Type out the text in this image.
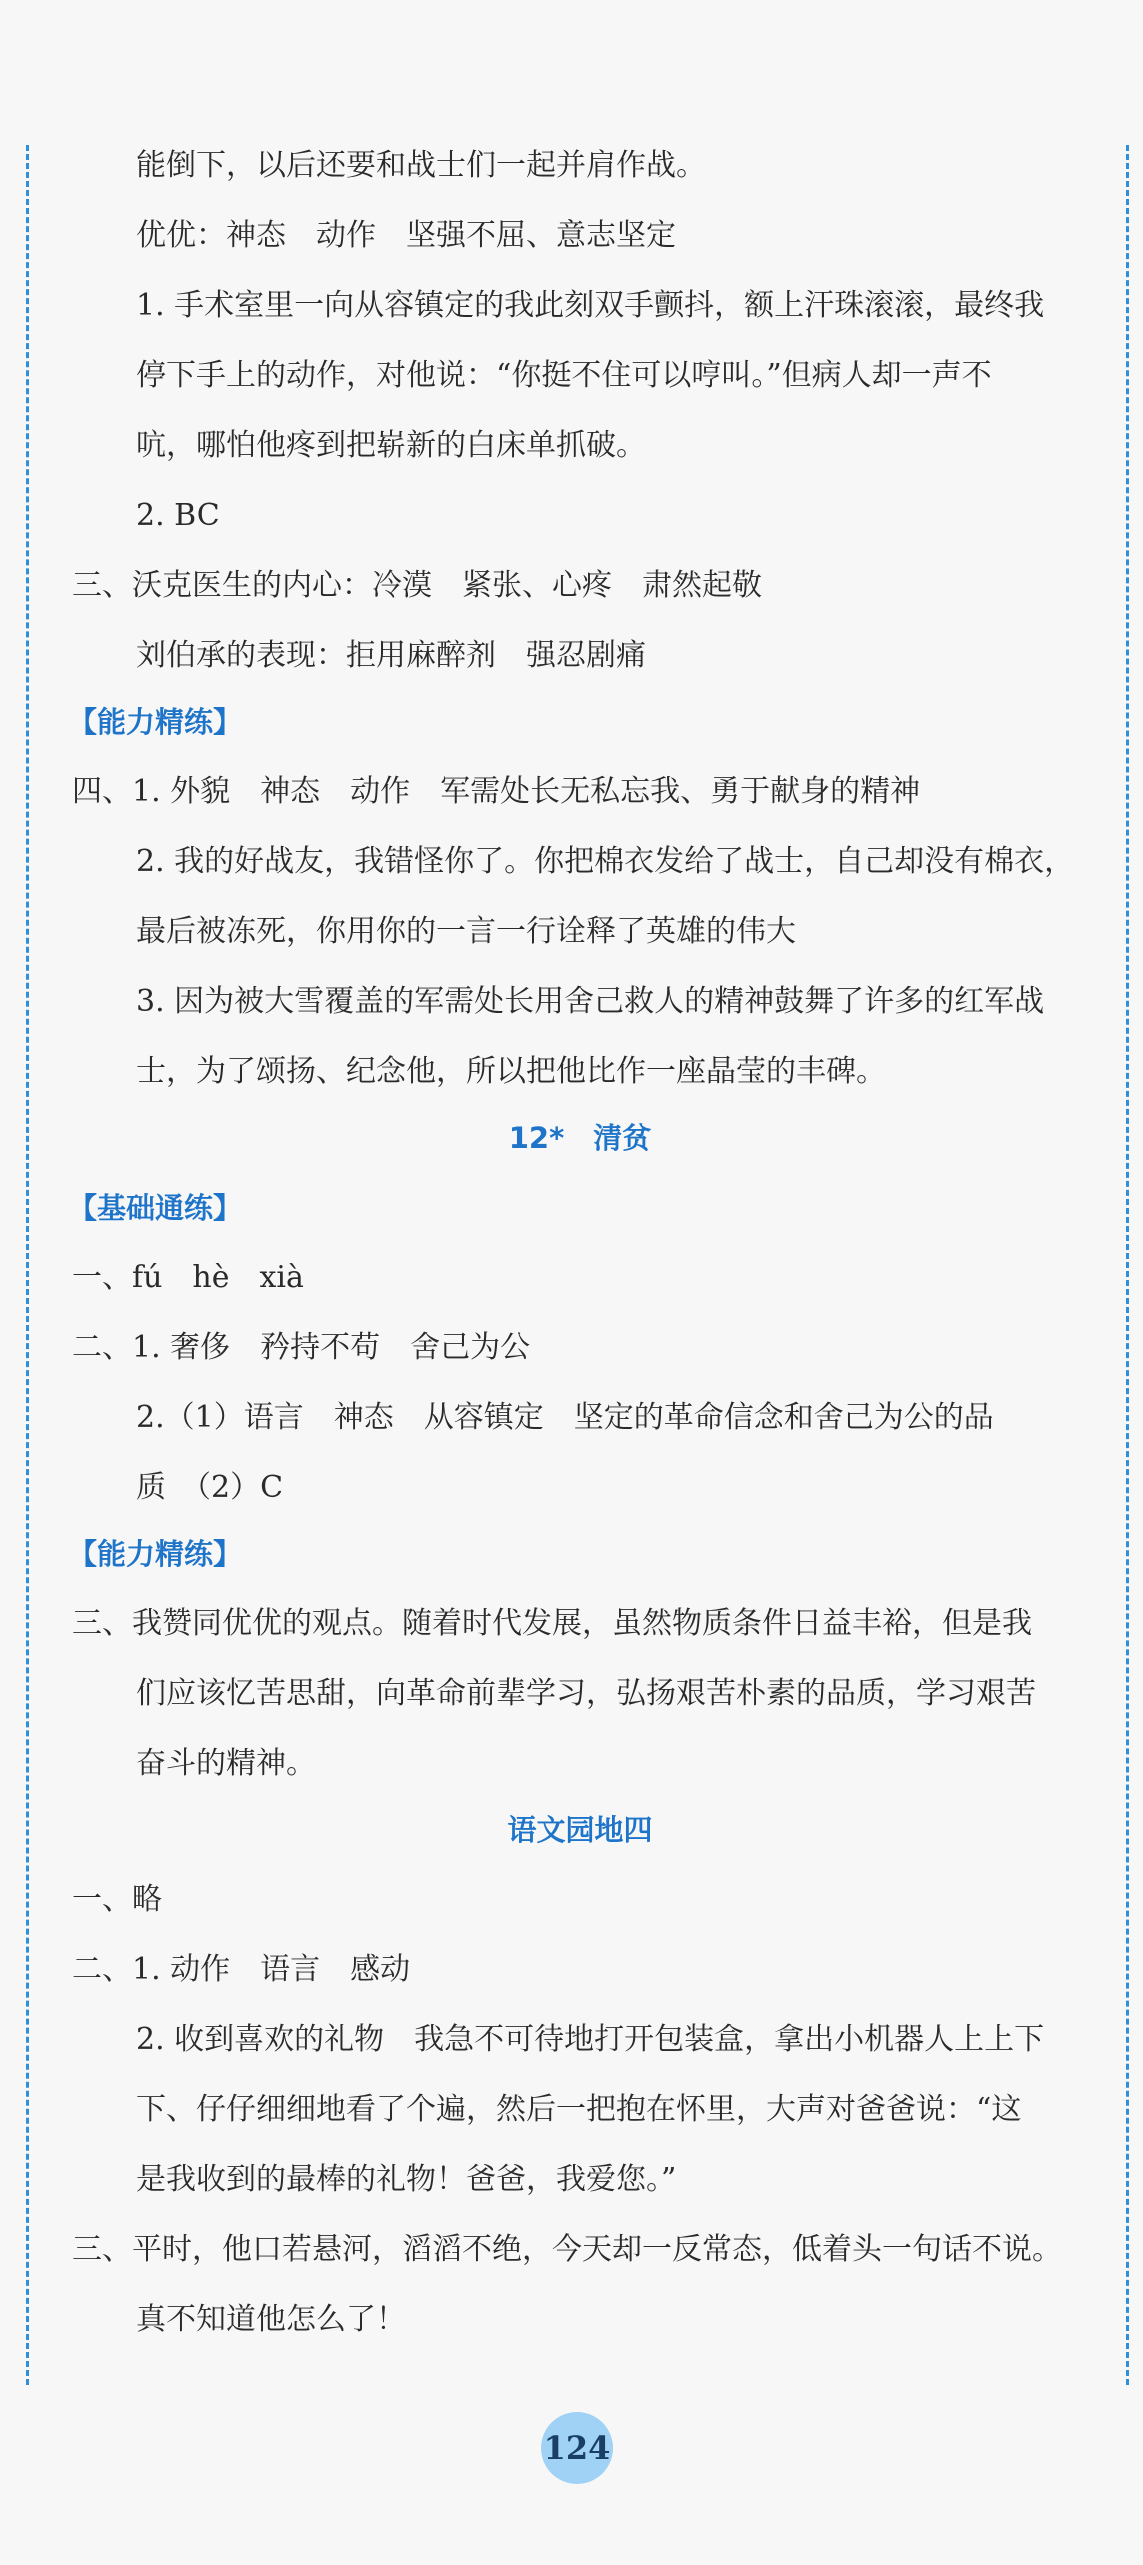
能倒下，以后还要和战士们一起并肩作战。
优优：神态　动作　坚强不屈、意志坚定
1. 手术室里一向从容镇定的我此刻双手颤抖，额上汗珠滚滚，最终我
停下手上的动作，对他说：“你挺不住可以哼叫。”但病人却一声不
吭，哪怕他疼到把崭新的白床单抓破。
2. BC
三、沃克医生的内心：冷漠　紧张、心疼　肃然起敬
刘伯承的表现：拒用麻醉剂　强忍剧痛
【能力精练】
四、1. 外貌　神态　动作　军需处长无私忘我、勇于献身的精神
2. 我的好战友，我错怪你了。你把棉衣发给了战士，自己却没有棉衣，
最后被冻死，你用你的一言一行诠释了英雄的伟大
3. 因为被大雪覆盖的军需处长用舍己救人的精神鼓舞了许多的红军战
士，为了颂扬、纪念他，所以把他比作一座晶莹的丰碑。
12*　清贫
【基础通练】
一、fú　hè　xià
二、1. 奢侈　矜持不苟　舍己为公
2.（1）语言　神态　从容镇定　坚定的革命信念和舍己为公的品
质　（2）C
【能力精练】
三、我赞同优优的观点。随着时代发展，虽然物质条件日益丰裕，但是我
们应该忆苦思甜，向革命前辈学习，弘扬艰苦朴素的品质，学习艰苦
奋斗的精神。
语文园地四
一、略
二、1. 动作　语言　感动
2. 收到喜欢的礼物　我急不可待地打开包装盒，拿出小机器人上上下
下、仔仔细细地看了个遍，然后一把抱在怀里，大声对爸爸说：“这
是我收到的最棒的礼物！爸爸，我爱您。”
三、平时，他口若悬河，滔滔不绝，今天却一反常态，低着头一句话不说。
真不知道他怎么了！
124
